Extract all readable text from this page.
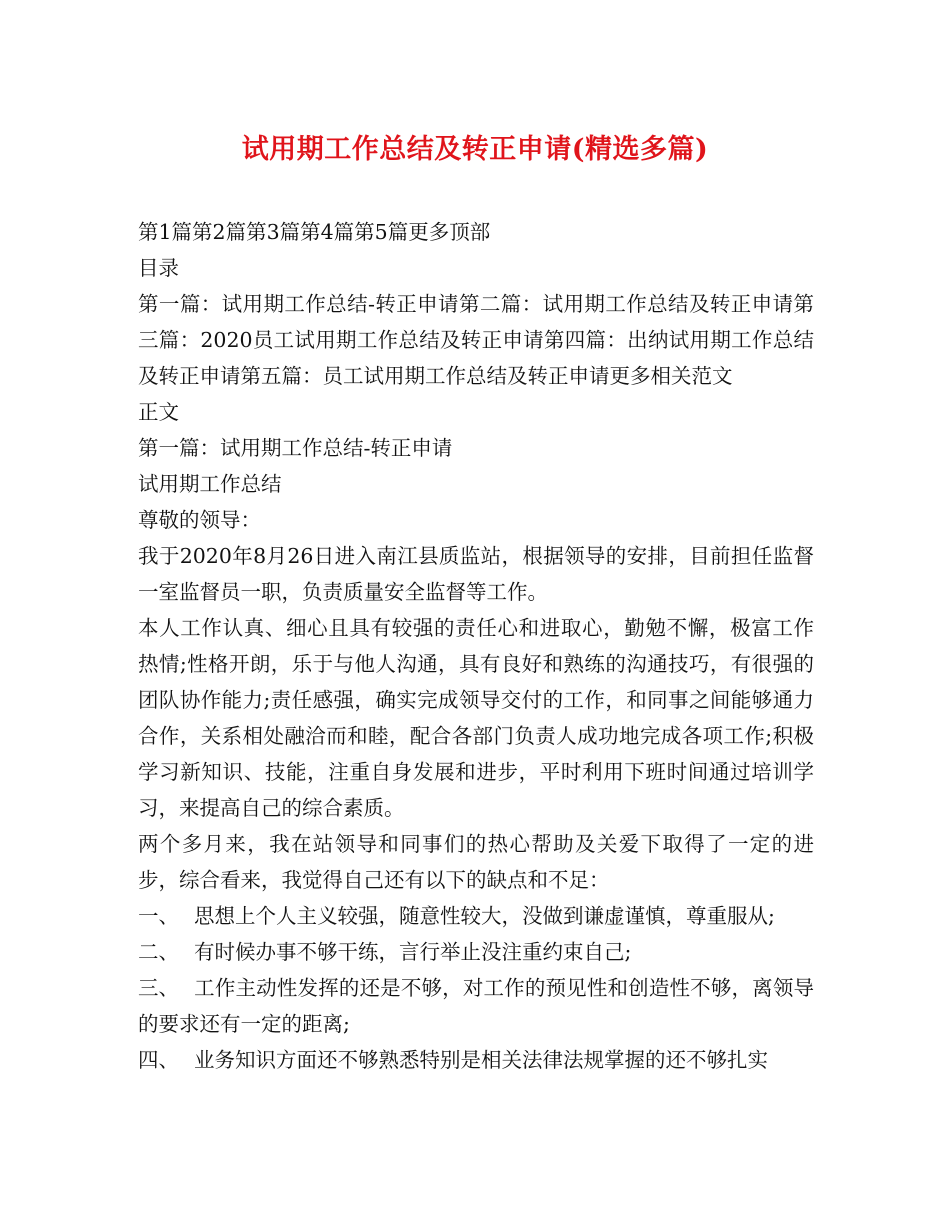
试用期工作总结及转正申请(精选多篇)

第1篇第2篇第3篇第4篇第5篇更多顶部

目录

第一篇：试用期工作总结-转正申请第二篇：试用期工作总结及转正申请第三篇：2020员工试用期工作总结及转正申请第四篇：出纳试用期工作总结及转正申请第五篇：员工试用期工作总结及转正申请更多相关范文

正文

第一篇：试用期工作总结-转正申请

试用期工作总结

尊敬的领导：

我于2020年8月26日进入南江县质监站，根据领导的安排，目前担任监督一室监督员一职，负责质量安全监督等工作。

本人工作认真、细心且具有较强的责任心和进取心，勤勉不懈，极富工作热情;性格开朗，乐于与他人沟通，具有良好和熟练的沟通技巧，有很强的团队协作能力;责任感强，确实完成领导交付的工作，和同事之间能够通力合作，关系相处融洽而和睦，配合各部门负责人成功地完成各项工作;积极学习新知识、技能，注重自身发展和进步，平时利用下班时间通过培训学习，来提高自己的综合素质。

两个多月来，我在站领导和同事们的热心帮助及关爱下取得了一定的进步，综合看来，我觉得自己还有以下的缺点和不足：

一、 思想上个人主义较强，随意性较大，没做到谦虚谨慎，尊重服从;

二、 有时候办事不够干练，言行举止没注重约束自己;

三、 工作主动性发挥的还是不够，对工作的预见性和创造性不够，离领导的要求还有一定的距离;

四、 业务知识方面还不够熟悉特别是相关法律法规掌握的还不够扎实
